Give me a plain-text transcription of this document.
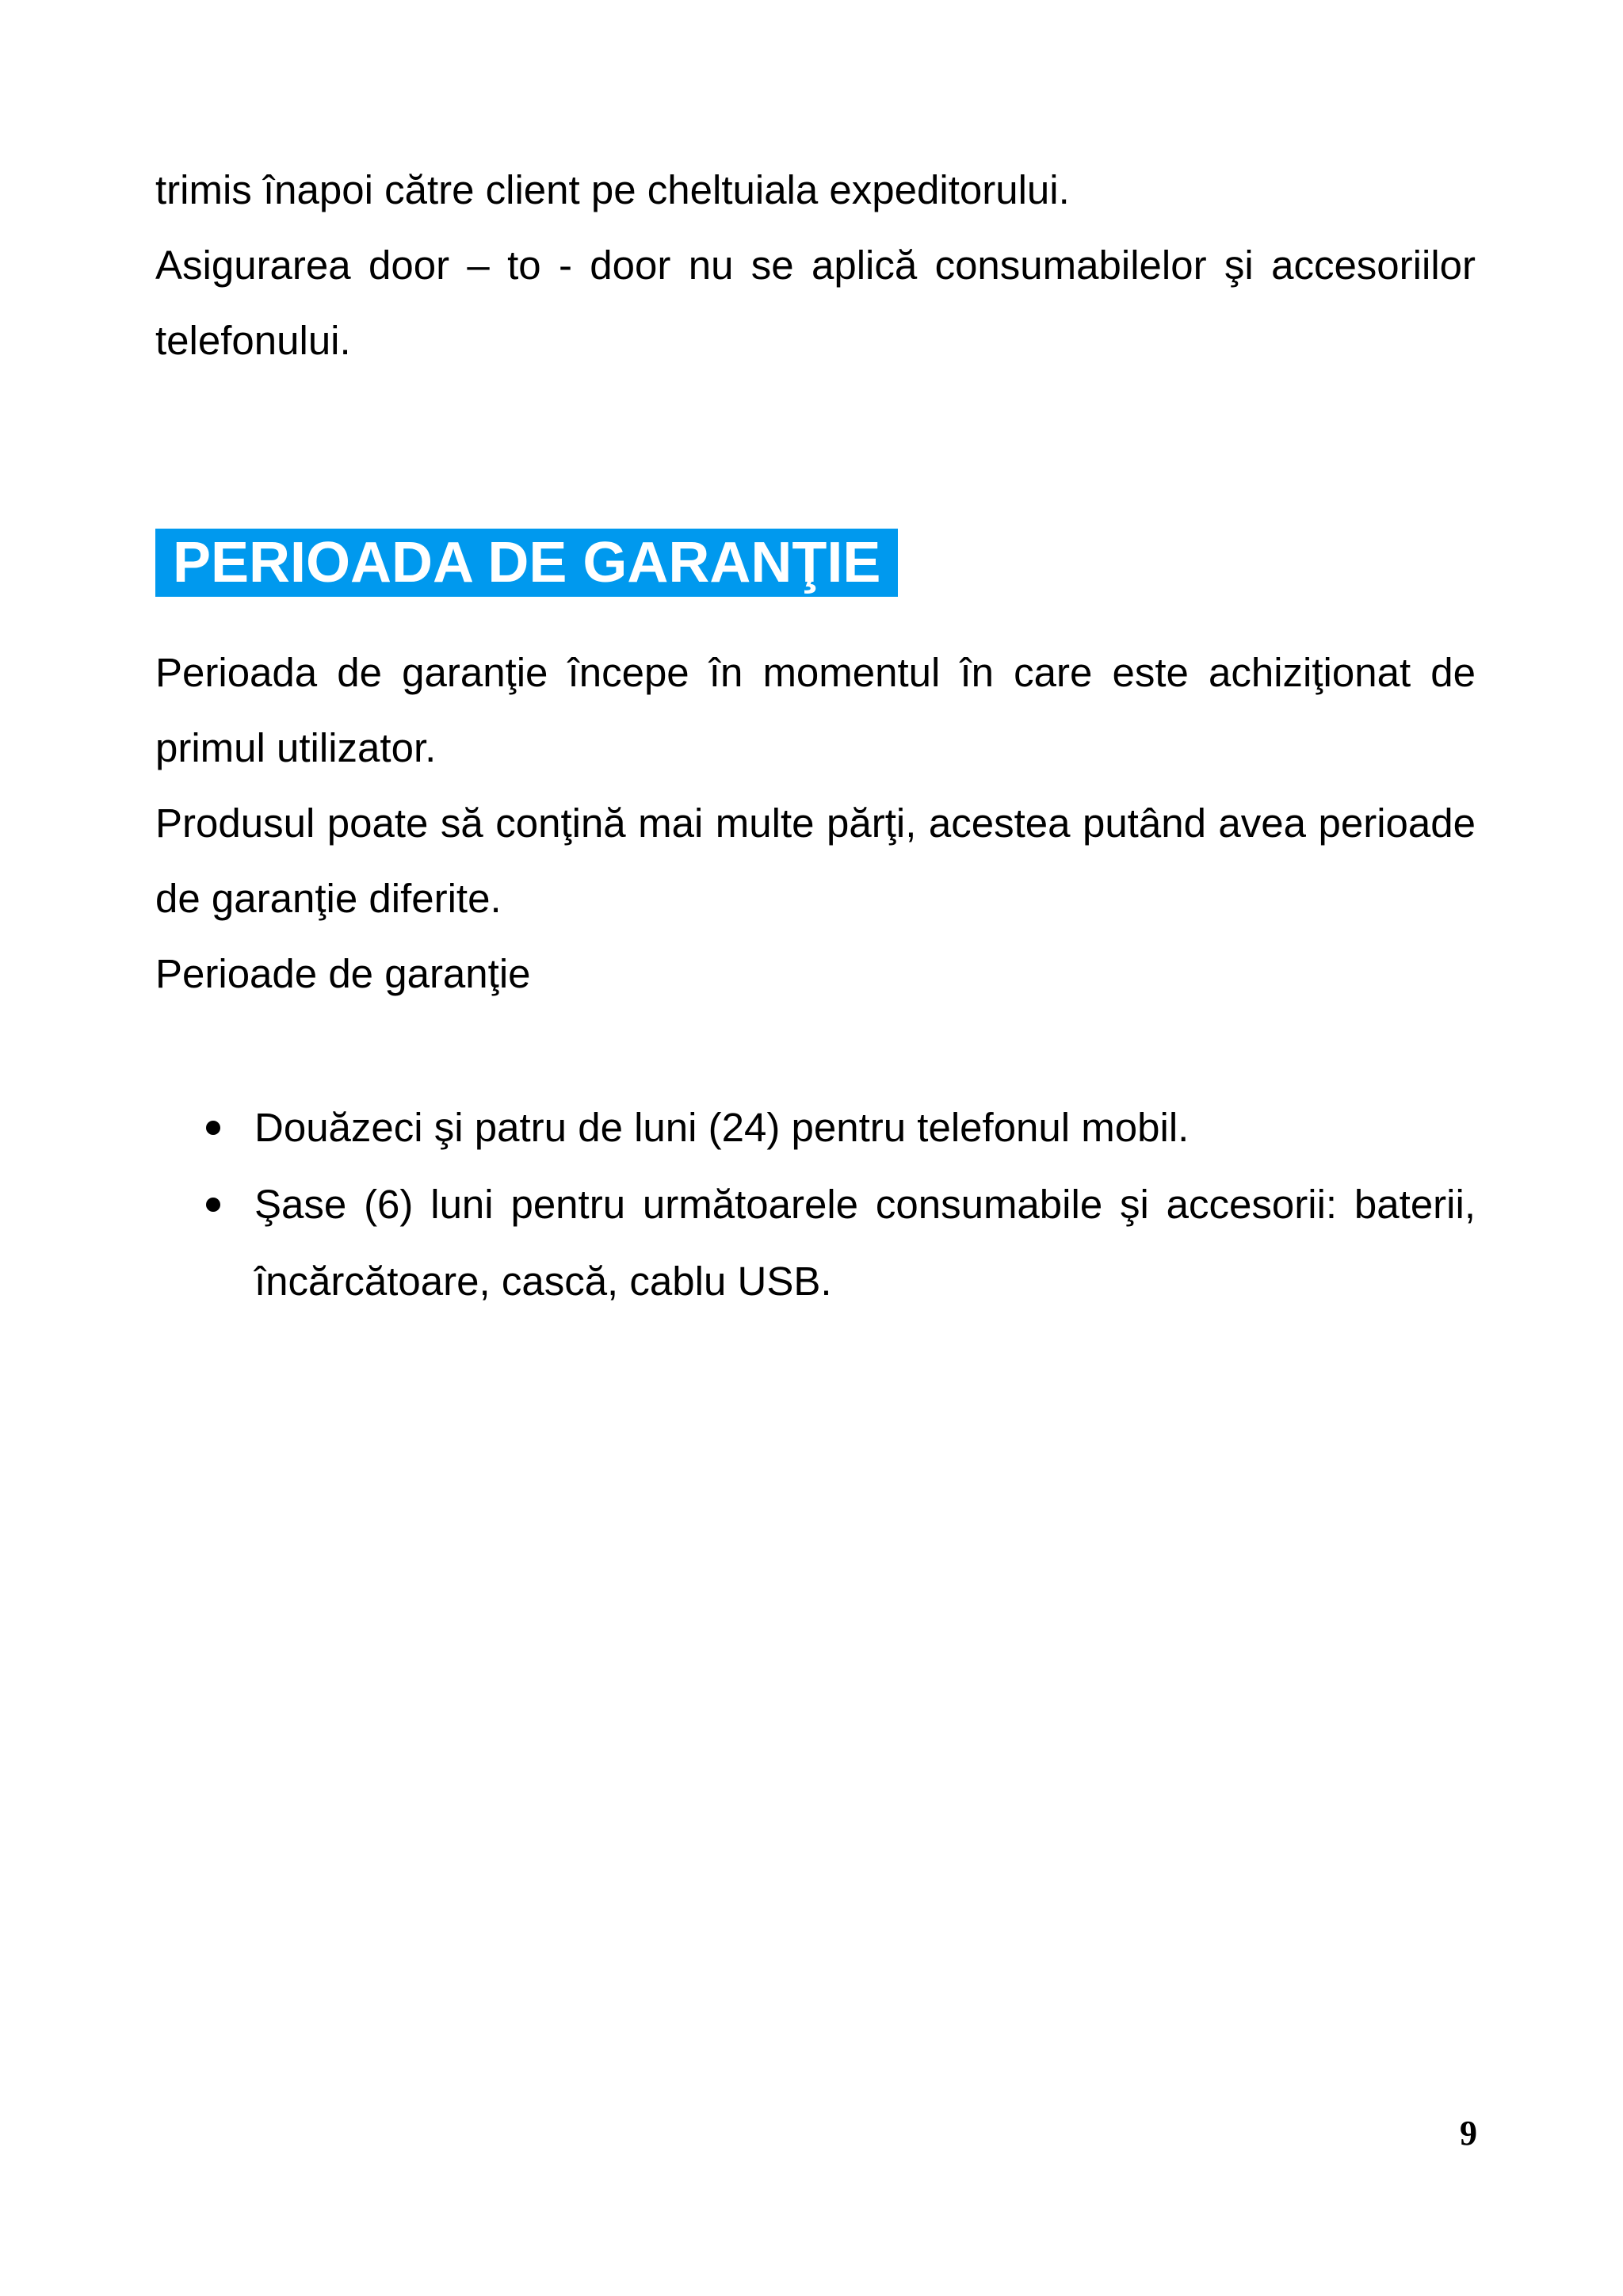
trimis înapoi către client pe cheltuiala expeditorului.

Asigurarea door – to - door nu se aplică consumabilelor şi accesoriilor telefonului.

PERIOADA DE GARANŢIE

Perioada de garanţie începe în momentul în care este achiziţionat de primul utilizator.

Produsul poate să conţină mai multe părţi, acestea putând avea perioade de garanţie diferite.

Perioade de garanţie

Douăzeci şi patru de luni (24) pentru telefonul mobil.
Şase (6) luni pentru următoarele consumabile şi accesorii: baterii, încărcătoare, cască, cablu USB.
9
